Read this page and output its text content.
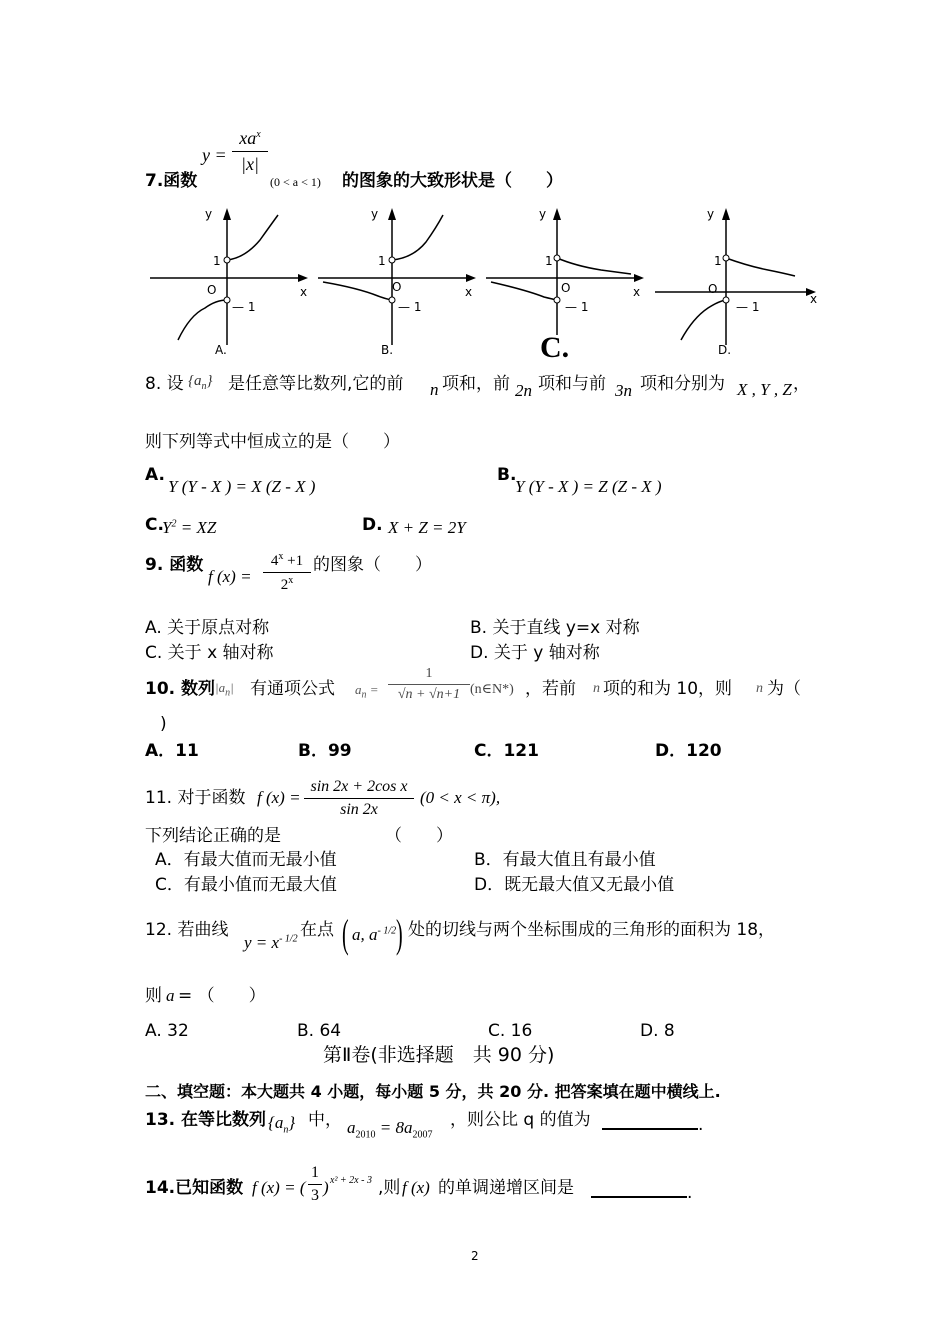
7.函数
y =
$xa^x$
|x|
(0 < a < 1) 的图象的大致形状是（　　）
y
x
O
1
— 1
A.
y
x
O
1
— 1
B.
y
x
O
1
— 1
C.
y
x
O
1
— 1
D.
8. 设 $\{a_n\}$ 是任意等比数列,它的前 n 项和，前 2n 项和与前 3n 项和分别为 X , Y , Z ，
则下列等式中恒成立的是（　　）
A.
Y (Y - X ) = X (Z - X )
B.
Y (Y - X ) = Z (Z - X )
C.
$Y^2$ = XZ	D. X + Z = 2Y
9. 函数
f (x) =
$4^x +1$
2$^x$
的图象（　　）
A. 关于原点对称	B. 关于直线 y=x 对称
C. 关于 x 轴对称	D. 关于 y 轴对称
10. 数列 $|a_n|$ 有通项公式 $a_n$ =
1
√n + √n+1 (n∈N*) ，若前 n 项的和为 10，则 n 为（
)
A．11	B．99	C．121	D．120
11. 对于函数 f (x) =
sin 2x + 2cos x
sin 2x
(0 < x < π),
下列结论正确的是	（　　）
A．有最大值而无最小值	B．有最大值且有最小值
C．有最小值而无最大值	D．既无最大值又无最小值
12. 若曲线
$y = x^{- 1/2}$ 在点 ( a, $a^{- 1/2}$ ) 处的切线与两个坐标围成的三角形的面积为 18，
则 a = （　　）
A. 32	B. 64	C. 16	D. 8
第Ⅱ卷(非选择题　共 90 分)
二、填空题：本大题共 4 小题，每小题 5 分，共 20 分. 把答案填在题中横线上.
13. 在等比数列 $\{a_n\}$ 中， $a_{2010} = 8a_{2007}$
，则公比 q 的值为	.
14.已知函数 f (x) = (
1
3 ) x² + 2x - 3 ,则 f (x) 的单调递增区间是	.
2
